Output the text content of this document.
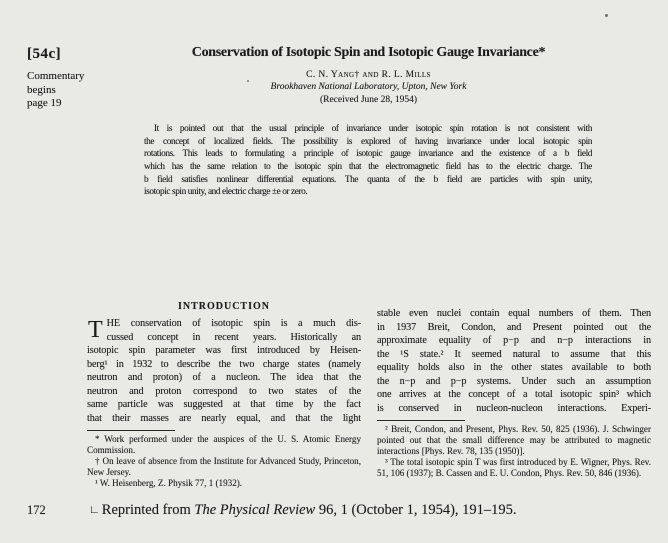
[54c]
Commentary
begins
page 19
Conservation of Isotopic Spin and Isotopic Gauge Invariance*
C. N. Yang† and R. L. Mills
Brookhaven National Laboratory, Upton, New York
(Received June 28, 1954)
It is pointed out that the usual principle of invariance under isotopic spin rotation is not consistent with
the concept of localized fields. The possibility is explored of having invariance under local isotopic spin
rotations. This leads to formulating a principle of isotopic gauge invariance and the existence of a b field
which has the same relation to the isotopic spin that the electromagnetic field has to the electric charge. The
b field satisfies nonlinear differential equations. The quanta of the b field are particles with spin unity,
isotopic spin unity, and electric charge ±e or zero.
INTRODUCTION
T HE conservation of isotopic spin is a much dis-
cussed concept in recent years. Historically an
isotopic spin parameter was first introduced by Heisen-
berg¹ in 1932 to describe the two charge states (namely
neutron and proton) of a nucleon. The idea that the
neutron and proton correspond to two states of the
same particle was suggested at that time by the fact
that their masses are nearly equal, and that the light
* Work performed under the auspices of the U. S. Atomic Energy Commission.
† On leave of absence from the Institute for Advanced Study, Princeton, New Jersey.
¹ W. Heisenberg, Z. Physik 77, 1 (1932).
stable even nuclei contain equal numbers of them. Then
in 1937 Breit, Condon, and Present pointed out the
approximate equality of p−p and n−p interactions in
the ¹S state.² It seemed natural to assume that this
equality holds also in the other states available to both
the n−p and p−p systems. Under such an assumption
one arrives at the concept of a total isotopic spin³ which
is conserved in nucleon-nucleon interactions. Experi-
² Breit, Condon, and Present, Phys. Rev. 50, 825 (1936). J. Schwinger pointed out that the small difference may be attributed to magnetic interactions [Phys. Rev. 78, 135 (1950)].
³ The total isotopic spin T was first introduced by E. Wigner, Phys. Rev. 51, 106 (1937); B. Cassen and E. U. Condon, Phys. Rev. 50, 846 (1936).
172	∟ Reprinted from The Physical Review 96, 1 (October 1, 1954), 191–195.
